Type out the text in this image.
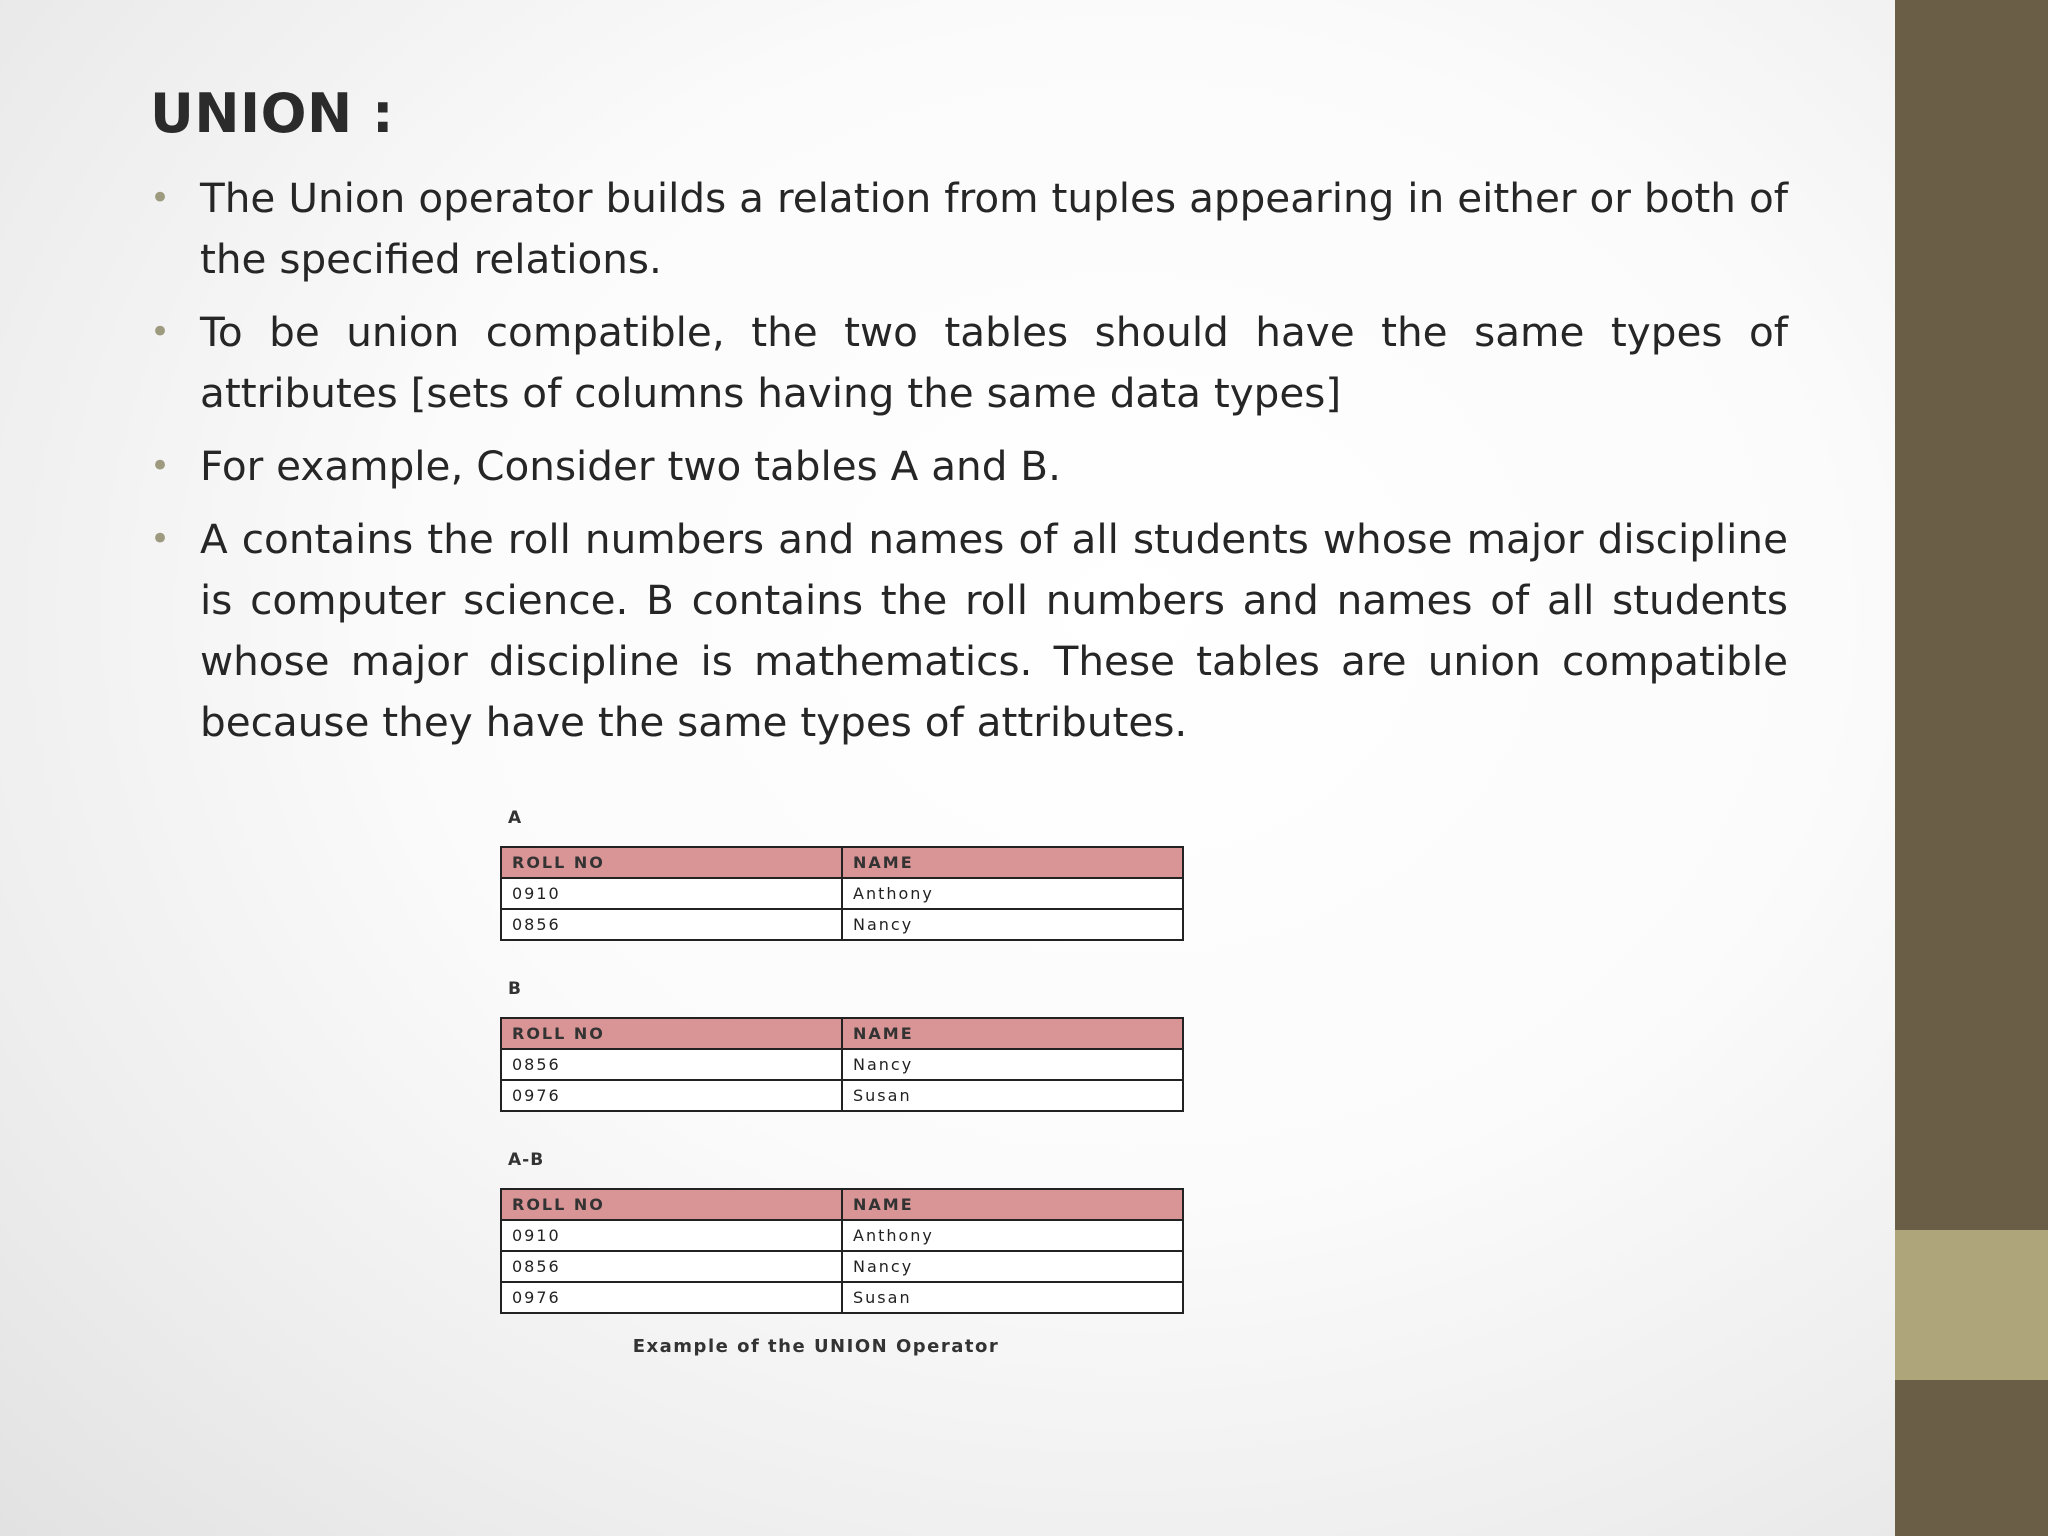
UNION :
• The Union operator builds a relation from tuples appearing in either or both of the specified relations.
• To be union compatible, the two tables should have the same types of attributes [sets of columns having the same data types]
• For example, Consider two tables A and B.
• A contains the roll numbers and names of all students whose major discipline is computer science. B contains the roll numbers and names of all students whose major discipline is mathematics. These tables are union compatible because they have the same types of attributes.
A
ROLL NO	NAME
0910	Anthony
0856	Nancy
B
ROLL NO	NAME
0856	Nancy
0976	Susan
A-B
ROLL NO	NAME
0910	Anthony
0856	Nancy
0976	Susan
Example of the UNION Operator
